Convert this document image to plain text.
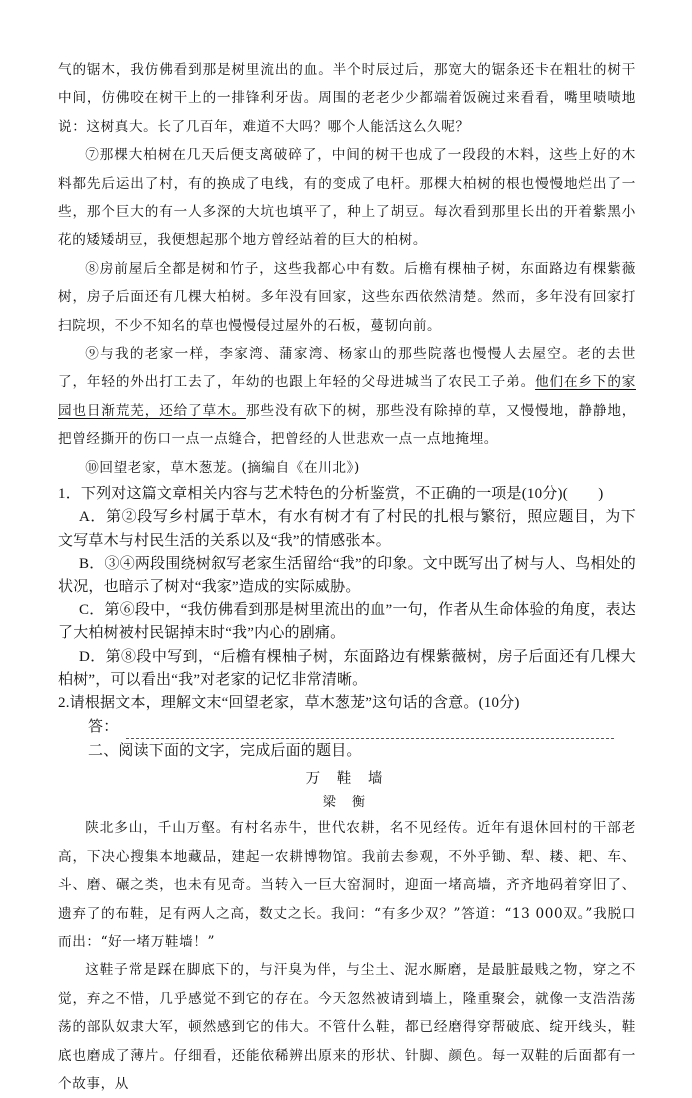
气的锯木，我仿佛看到那是树里流出的血。半个时辰过后，那宽大的锯条还卡在粗壮的树干中间，仿佛咬在树干上的一排锋利牙齿。周围的老老少少都端着饭碗过来看看，嘴里啧啧地说：这树真大。长了几百年，难道不大吗？哪个人能活这么久呢？

⑦那棵大柏树在几天后便支离破碎了，中间的树干也成了一段段的木料，这些上好的木料都先后运出了村，有的换成了电线，有的变成了电杆。那棵大柏树的根也慢慢地烂出了一些，那个巨大的有一人多深的大坑也填平了，种上了胡豆。每次看到那里长出的开着紫黑小花的矮矮胡豆，我便想起那个地方曾经站着的巨大的柏树。

⑧房前屋后全都是树和竹子，这些我都心中有数。后檐有棵柚子树，东面路边有棵紫薇树，房子后面还有几棵大柏树。多年没有回家，这些东西依然清楚。然而，多年没有回家打扫院坝，不少不知名的草也慢慢侵过屋外的石板，蔓韧向前。

⑨与我的老家一样，李家湾、蒲家湾、杨家山的那些院落也慢慢人去屋空。老的去世了，年轻的外出打工去了，年幼的也跟上年轻的父母进城当了农民工子弟。他们在乡下的家园也日渐荒芜，还给了草木。那些没有砍下的树，那些没有除掉的草，又慢慢地，静静地，把曾经撕开的伤口一点一点缝合，把曾经的人世悲欢一点一点地掩埋。

⑩回望老家，草木葱茏。(摘编自《在川北》)

1．下列对这篇文章相关内容与艺术特色的分析鉴赏，不正确的一项是(10分)(　　)

A．第②段写乡村属于草木，有水有树才有了村民的扎根与繁衍，照应题目，为下文写草木与村民生活的关系以及“我”的情感张本。

B．③④两段围绕树叙写老家生活留给“我”的印象。文中既写出了树与人、鸟相处的状况，也暗示了树对“我家”造成的实际威胁。

C．第⑥段中，“我仿佛看到那是树里流出的血”一句，作者从生命体验的角度，表达了大柏树被村民锯掉末时“我”内心的剧痛。

D．第⑧段中写到，“后檐有棵柚子树，东面路边有棵紫薇树，房子后面还有几棵大柏树”，可以看出“我”对老家的记忆非常清晰。

2.请根据文本，理解文末“回望老家，草木葱茏”这句话的含意。(10分)

答：

二、阅读下面的文字，完成后面的题目。

万 鞋 墙

梁 衡

陕北多山，千山万壑。有村名赤牛，世代农耕，名不见经传。近年有退休回村的干部老高，下决心搜集本地藏品，建起一农耕博物馆。我前去参观，不外乎锄、犁、耧、耙、车、斗、磨、碾之类，也未有见奇。当转入一巨大窑洞时，迎面一堵高墙，齐齐地码着穿旧了、遗弃了的布鞋，足有两人之高，数丈之长。我问：“有多少双？”答道：“13 000双。”我脱口而出：“好一堵万鞋墙！”

这鞋子常是踩在脚底下的，与汗臭为伴，与尘土、泥水厮磨，是最脏最贱之物，穿之不觉，弃之不惜，几乎感觉不到它的存在。今天忽然被请到墙上，隆重聚会，就像一支浩浩荡荡的部队奴隶大军，顿然感到它的伟大。不管什么鞋，都已经磨得穿帮破底、绽开线头，鞋底也磨成了薄片。仔细看，还能依稀辨出原来的形状、针脚、颜色。每一双鞋的后面都有一个故事，从
